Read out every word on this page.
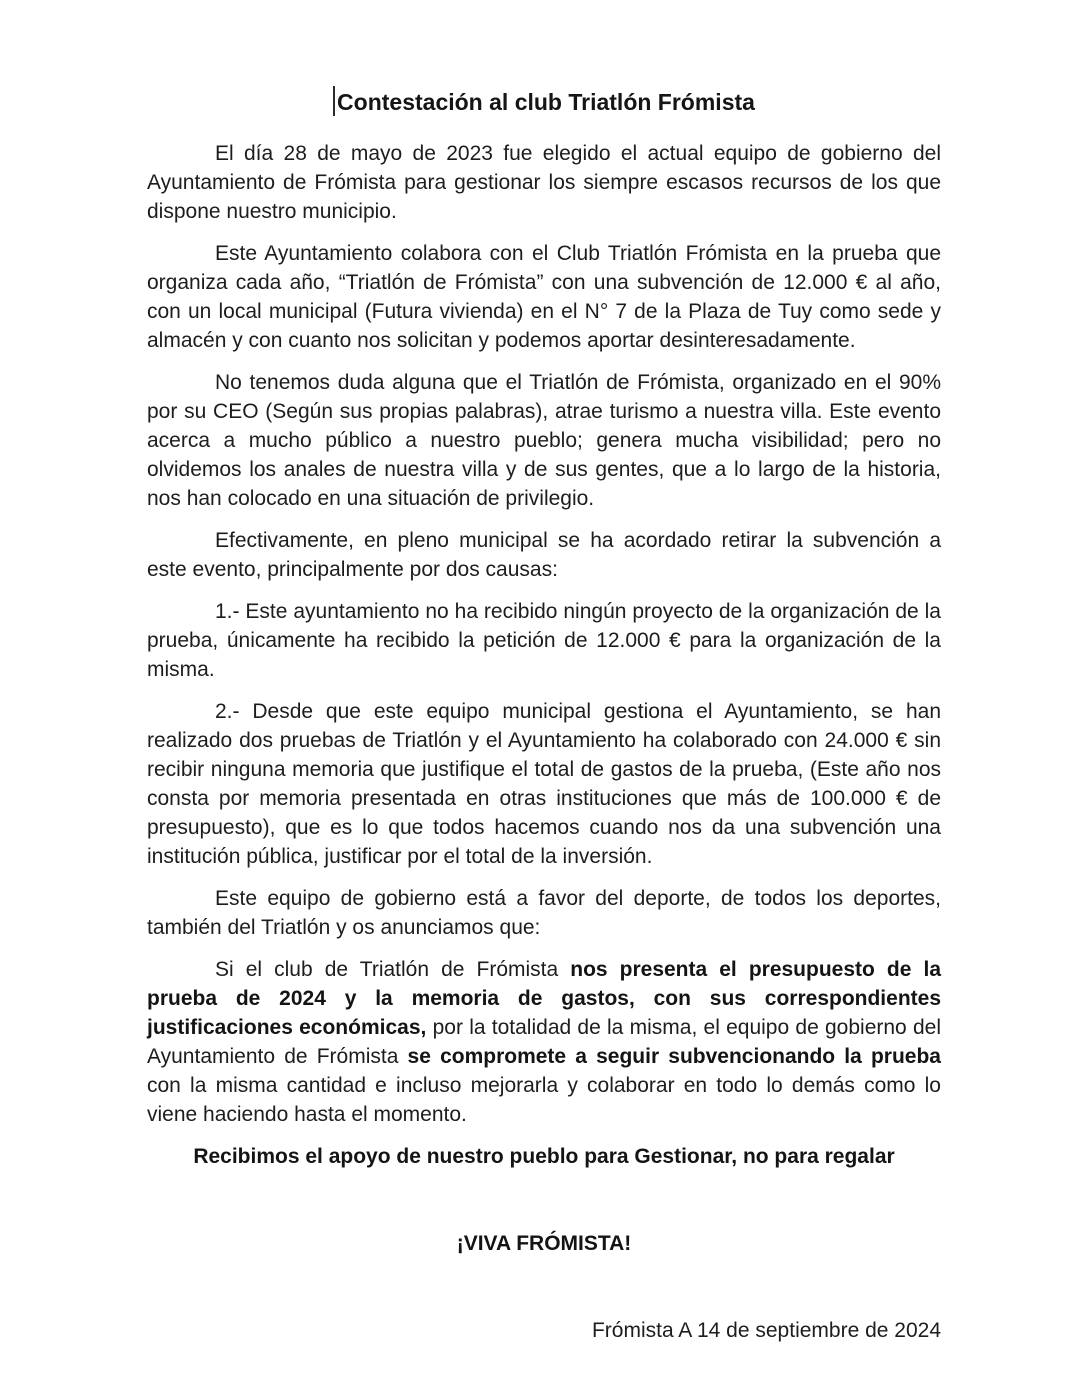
Contestación al club Triatlón Frómista

El día 28 de mayo de 2023 fue elegido el actual equipo de gobierno del Ayuntamiento de Frómista para gestionar los siempre escasos recursos de los que dispone nuestro municipio.

Este Ayuntamiento colabora con el Club Triatlón Frómista en la prueba que organiza cada año, “Triatlón de Frómista” con una subvención de 12.000 € al año, con un local municipal (Futura vivienda) en el N° 7 de la Plaza de Tuy como sede y almacén y con cuanto nos solicitan y podemos aportar desinteresadamente.

No tenemos duda alguna que el Triatlón de Frómista, organizado en el 90% por su CEO (Según sus propias palabras), atrae turismo a nuestra villa. Este evento acerca a mucho público a nuestro pueblo; genera mucha visibilidad; pero no olvidemos los anales de nuestra villa y de sus gentes, que a lo largo de la historia, nos han colocado en una situación de privilegio.

Efectivamente, en pleno municipal se ha acordado retirar la subvención a este evento, principalmente por dos causas:

1.- Este ayuntamiento no ha recibido ningún proyecto de la organización de la prueba, únicamente ha recibido la petición de 12.000 € para la organización de la misma.

2.- Desde que este equipo municipal gestiona el Ayuntamiento, se han realizado dos pruebas de Triatlón y el Ayuntamiento ha colaborado con 24.000 € sin recibir ninguna memoria que justifique el total de gastos de la prueba, (Este año nos consta por memoria presentada en otras instituciones que más de 100.000 € de presupuesto), que es lo que todos hacemos cuando nos da una subvención una institución pública, justificar por el total de la inversión.

Este equipo de gobierno está a favor del deporte, de todos los deportes, también del Triatlón y os anunciamos que:

Si el club de Triatlón de Frómista nos presenta el presupuesto de la prueba de 2024 y la memoria de gastos, con sus correspondientes justificaciones económicas, por la totalidad de la misma, el equipo de gobierno del Ayuntamiento de Frómista se compromete a seguir subvencionando la prueba con la misma cantidad e incluso mejorarla y colaborar en todo lo demás como lo viene haciendo hasta el momento.

Recibimos el apoyo de nuestro pueblo para Gestionar, no para regalar

¡VIVA FRÓMISTA!

Frómista A 14 de septiembre de 2024
